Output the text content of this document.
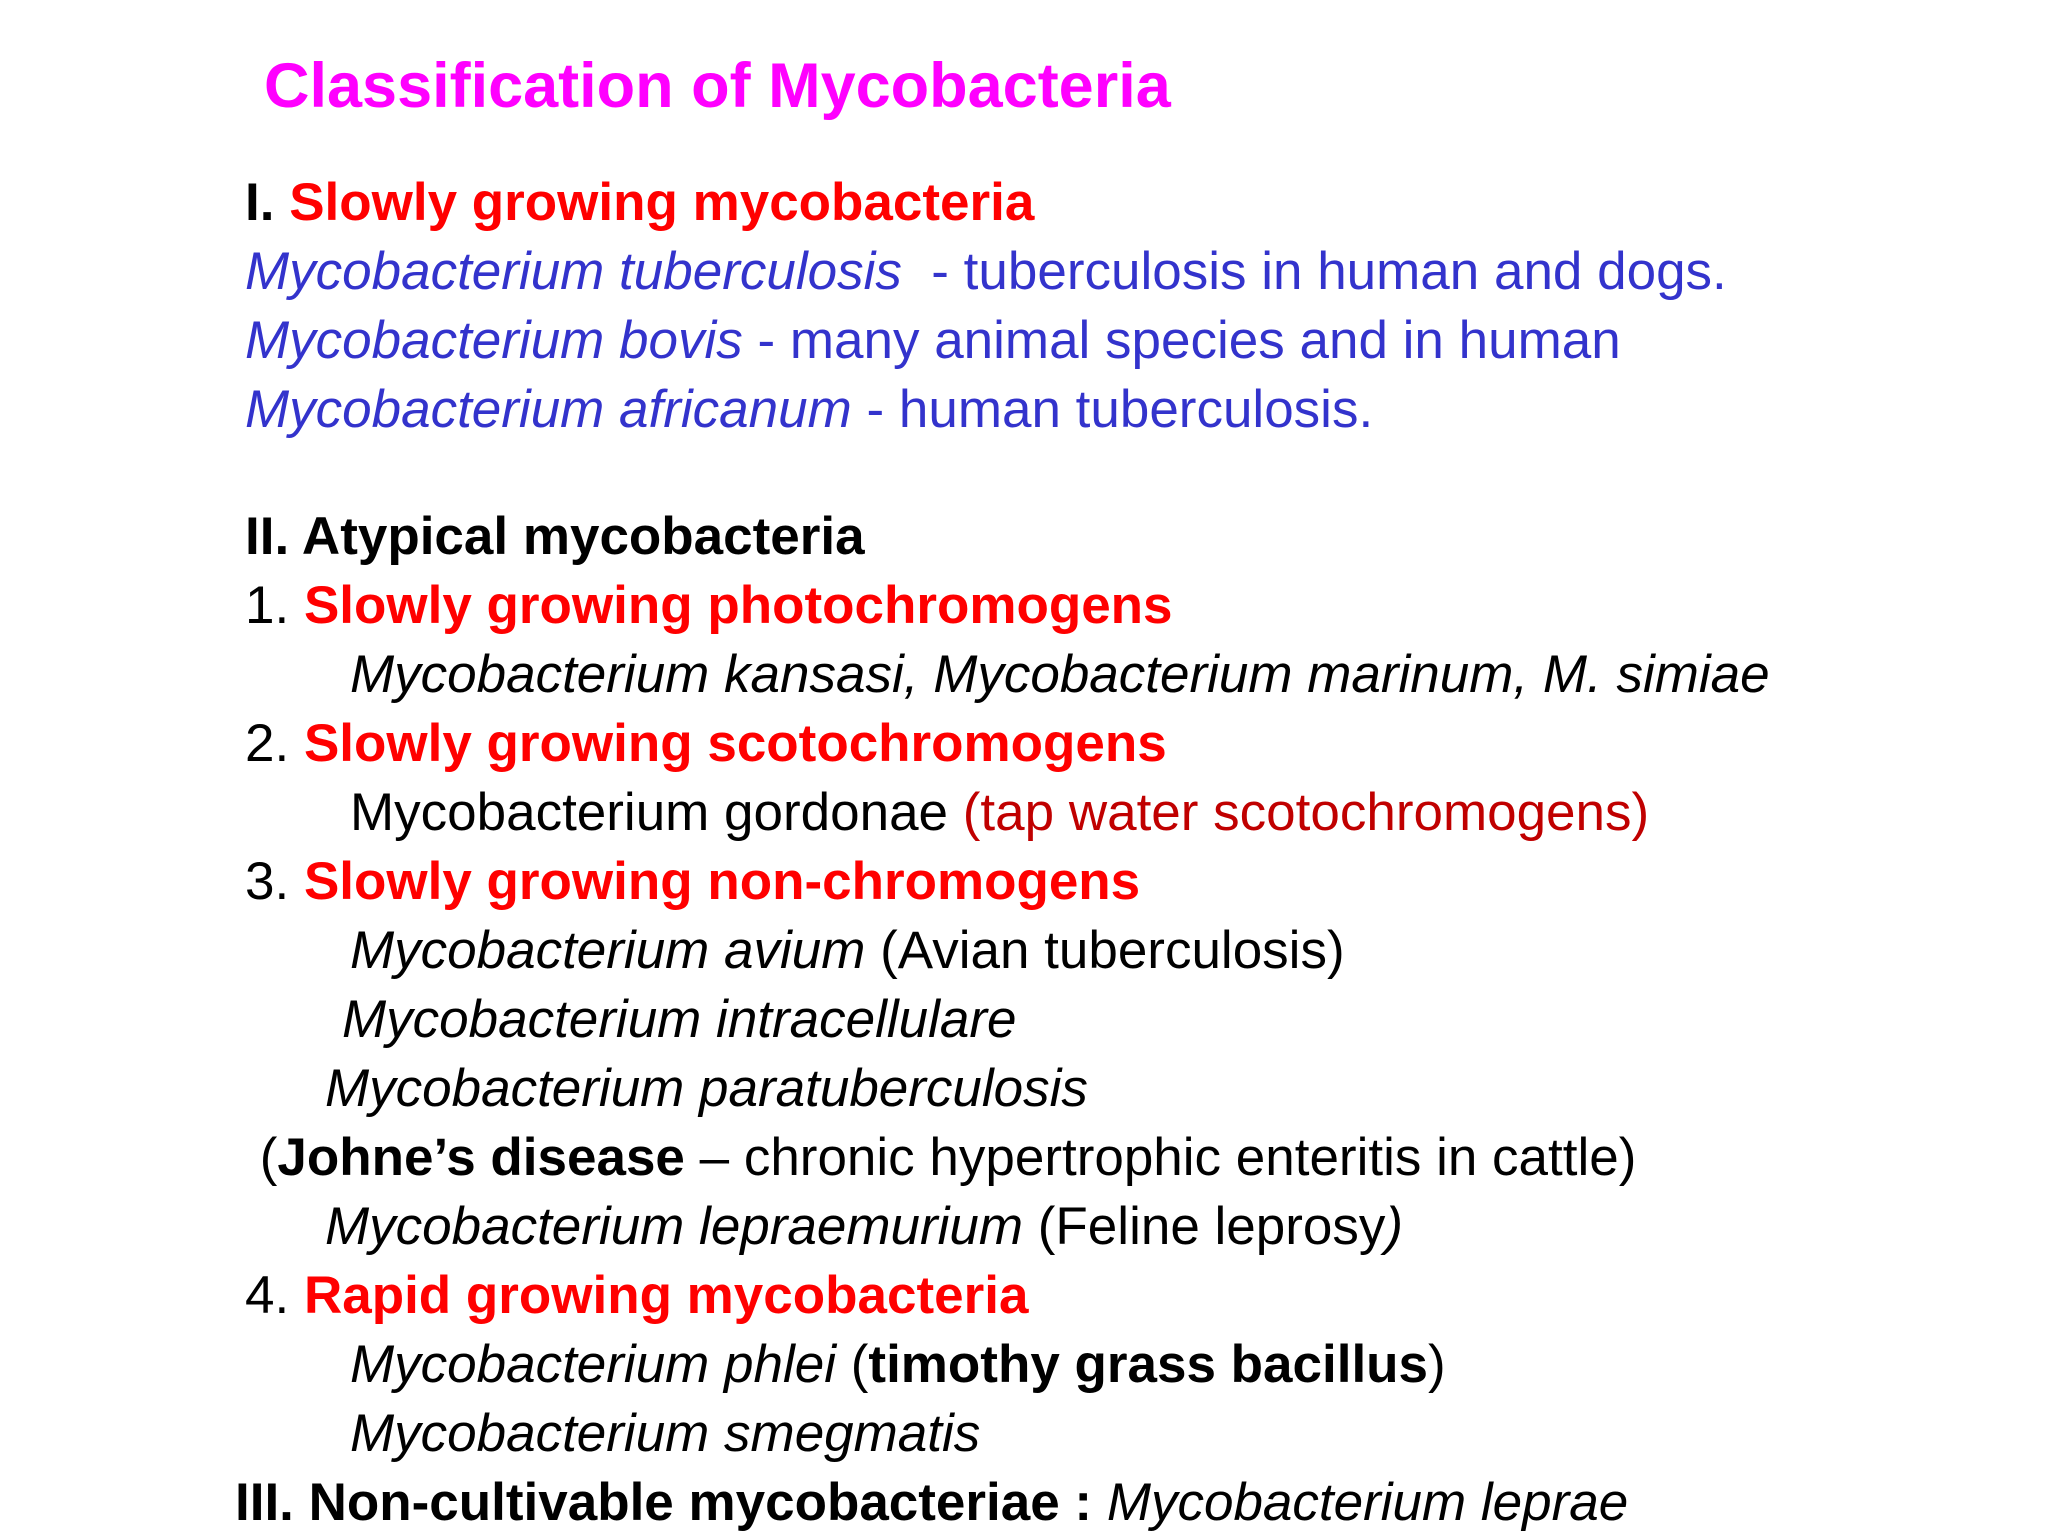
Classification of Mycobacteria
I. Slowly growing mycobacteria
Mycobacterium tuberculosis  - tuberculosis in human and dogs.
Mycobacterium bovis - many animal species and in human
Mycobacterium africanum - human tuberculosis.
II. Atypical mycobacteria
1. Slowly growing photochromogens
Mycobacterium kansasi, Mycobacterium marinum, M. simiae
2. Slowly growing scotochromogens
Mycobacterium gordonae (tap water scotochromogens)
3. Slowly growing non-chromogens
Mycobacterium avium (Avian tuberculosis)
Mycobacterium intracellulare
Mycobacterium paratuberculosis
(Johne’s disease – chronic hypertrophic enteritis in cattle)
Mycobacterium lepraemurium (Feline leprosy)
4. Rapid growing mycobacteria
Mycobacterium phlei (timothy grass bacillus)
Mycobacterium smegmatis
III. Non-cultivable mycobacteriae : Mycobacterium leprae
